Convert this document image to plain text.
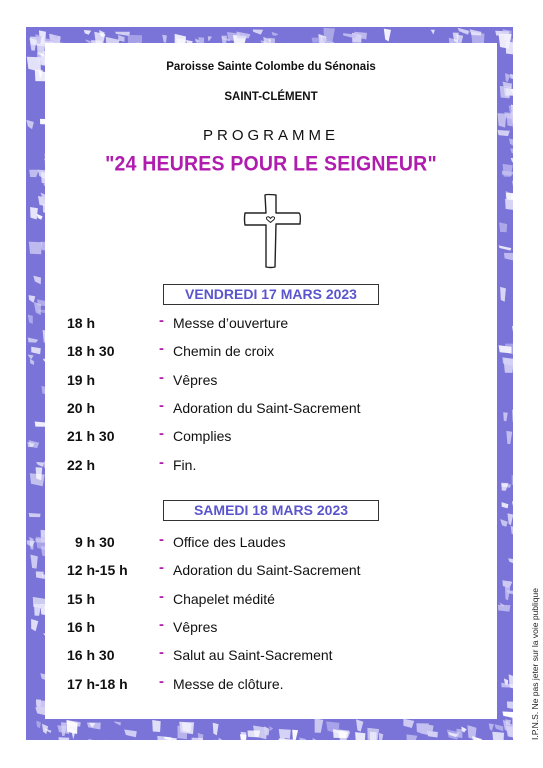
Paroisse Sainte Colombe du Sénonais
SAINT-CLÉMENT
PROGRAMME
"24 HEURES POUR LE SEIGNEUR"
VENDREDI 17 MARS 2023
18 h	- Messe d’ouverture
18 h 30	- Chemin de croix
19 h	- Vêpres
20 h	- Adoration du Saint-Sacrement
21 h 30	- Complies
22 h	- Fin.
SAMEDI 18 MARS 2023
9 h 30	- Office des Laudes
12 h-15 h - Adoration du Saint-Sacrement
15 h	- Chapelet médité
16 h	- Vêpres
16 h 30	- Salut au Saint-Sacrement
17 h-18 h - Messe de clôture.	I.P.N.S. Ne pas jeter sur la voie publique
